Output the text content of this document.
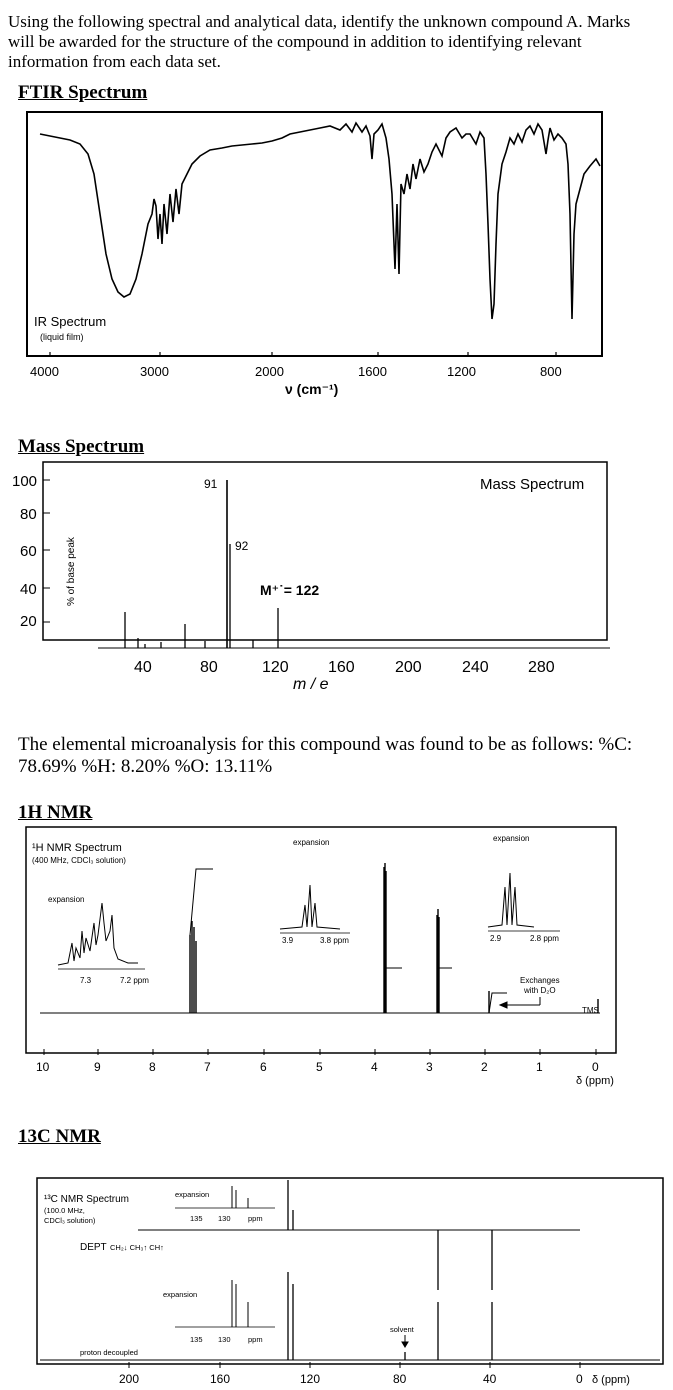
Using the following spectral and analytical data, identify the unknown compound A. Marks will be awarded for the structure of the compound in addition to identifying relevant information from each data set.
FTIR Spectrum
IR Spectrum
(liquid film)
4000	3000	2000	1600	1200	800
ν (cm⁻¹)
Mass Spectrum
100
80
60
40
20
% of base peak
Mass Spectrum
91
92
M⁺˙= 122
40	80	120 160	200	240 280
m / e
The elemental microanalysis for this compound was found to be as follows: %C: 78.69% %H: 8.20% %O: 13.11%
1H NMR
¹H NMR Spectrum
(400 MHz, CDCl₃ solution)
expansion
7.3	7.2 ppm
expansion
3.9	3.8 ppm
expansion
2.9	2.8 ppm
Exchanges
with D₂O
TMS
10	9	8	7	6	5	4	3	2	1	0
δ (ppm)
13C NMR
¹³C NMR Spectrum
(100.0 MHz,
CDCl₃ solution)
expansion
135 130 ppm
DEPT CH₂↓ CH₃↑ CH↑
expansion
135 130 ppm
solvent
proton decoupled
200	160	120	80	40	0 δ (ppm)
